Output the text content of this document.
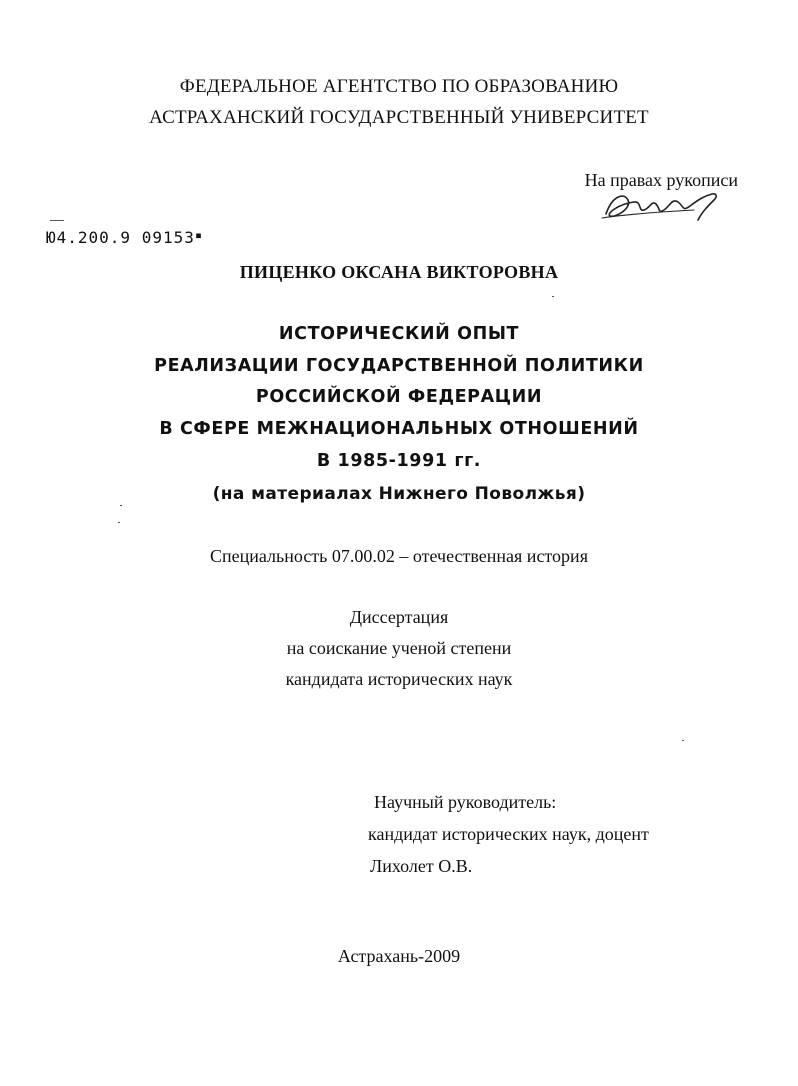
ФЕДЕРАЛЬНОЕ АГЕНТСТВО ПО ОБРАЗОВАНИЮ
АСТРАХАНСКИЙ ГОСУДАРСТВЕННЫЙ УНИВЕРСИТЕТ
На правах рукописи
Ю4.200.9 09153▪
ПИЦЕНКО ОКСАНА ВИКТОРОВНА
ИСТОРИЧЕСКИЙ ОПЫТ
РЕАЛИЗАЦИИ ГОСУДАРСТВЕННОЙ ПОЛИТИКИ
РОССИЙСКОЙ ФЕДЕРАЦИИ
В СФЕРЕ МЕЖНАЦИОНАЛЬНЫХ ОТНОШЕНИЙ
В 1985-1991 гг.
(на материалах Нижнего Поволжья)
Специальность 07.00.02 – отечественная история
Диссертация
на соискание ученой степени
кандидата исторических наук
Научный руководитель:
кандидат исторических наук, доцент
Лихолет О.В.
Астрахань-2009
